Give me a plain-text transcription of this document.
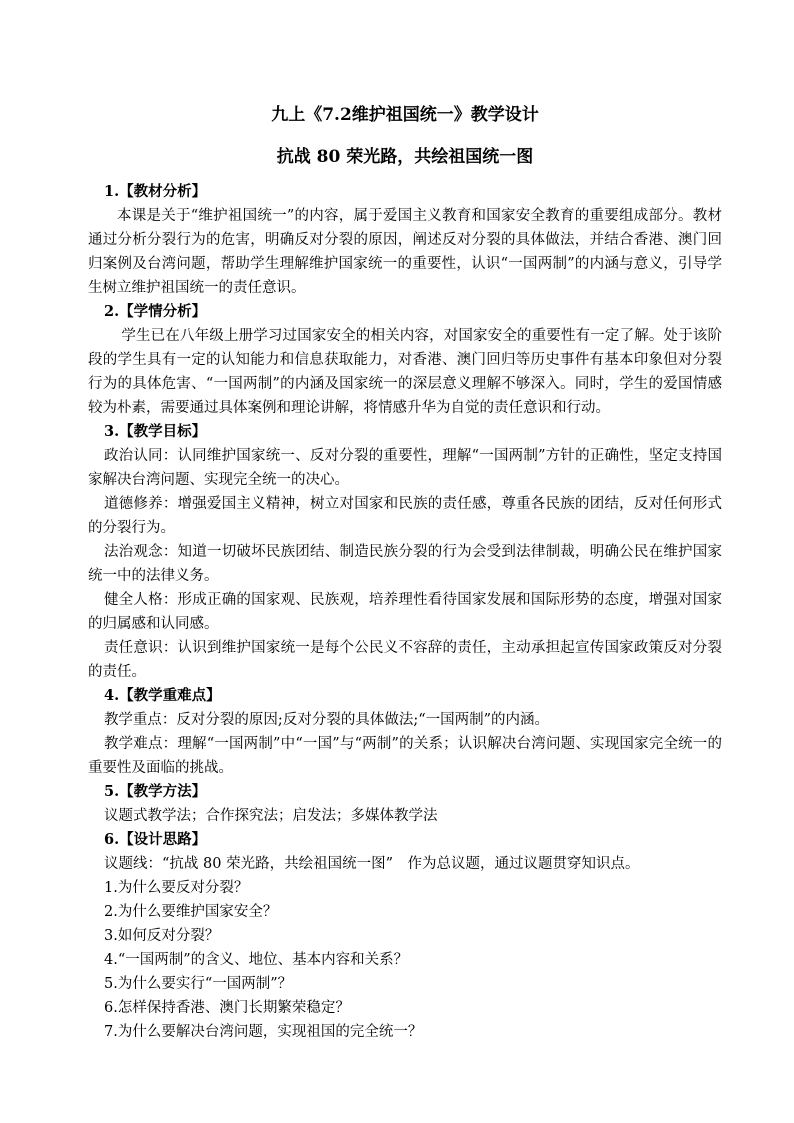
九上《7.2维护祖国统一》教学设计
抗战 80 荣光路，共绘祖国统一图
1.【教材分析】

本课是关于“维护祖国统一”的内容，属于爱国主义教育和国家安全教育的重要组成部分。教材通过分析分裂行为的危害，明确反对分裂的原因，阐述反对分裂的具体做法，并结合香港、澳门回归案例及台湾问题，帮助学生理解维护国家统一的重要性，认识“一国两制”的内涵与意义，引导学生树立维护祖国统一的责任意识。

2.【学情分析】

学生已在八年级上册学习过国家安全的相关内容，对国家安全的重要性有一定了解。处于该阶段的学生具有一定的认知能力和信息获取能力，对香港、澳门回归等历史事件有基本印象但对分裂行为的具体危害、“一国两制”的内涵及国家统一的深层意义理解不够深入。同时，学生的爱国情感较为朴素，需要通过具体案例和理论讲解，将情感升华为自觉的责任意识和行动。

3.【教学目标】

政治认同：认同维护国家统一、反对分裂的重要性，理解“一国两制”方针的正确性，坚定支持国家解决台湾问题、实现完全统一的决心。

道德修养：增强爱国主义精神，树立对国家和民族的责任感，尊重各民族的团结，反对任何形式的分裂行为。

法治观念：知道一切破坏民族团结、制造民族分裂的行为会受到法律制裁，明确公民在维护国家统一中的法律义务。

健全人格：形成正确的国家观、民族观，培养理性看待国家发展和国际形势的态度，增强对国家的归属感和认同感。

责任意识：认识到维护国家统一是每个公民义不容辞的责任，主动承担起宣传国家政策反对分裂的责任。

4.【教学重难点】

教学重点：反对分裂的原因;反对分裂的具体做法;“一国两制”的内涵。

教学难点：理解“一国两制”中“一国”与“两制”的关系；认识解决台湾问题、实现国家完全统一的重要性及面临的挑战。

5.【教学方法】

议题式教学法；合作探究法；启发法；多媒体教学法

6.【设计思路】

议题线：“抗战 80 荣光路，共绘祖国统一图”　作为总议题，通过议题贯穿知识点。

1.为什么要反对分裂？
2.为什么要维护国家安全？
3.如何反对分裂？
4.“一国两制”的含义、地位、基本内容和关系？
5.为什么要实行“一国两制”？
6.怎样保持香港、澳门长期繁荣稳定？
7.为什么要解决台湾问题，实现祖国的完全统一？
